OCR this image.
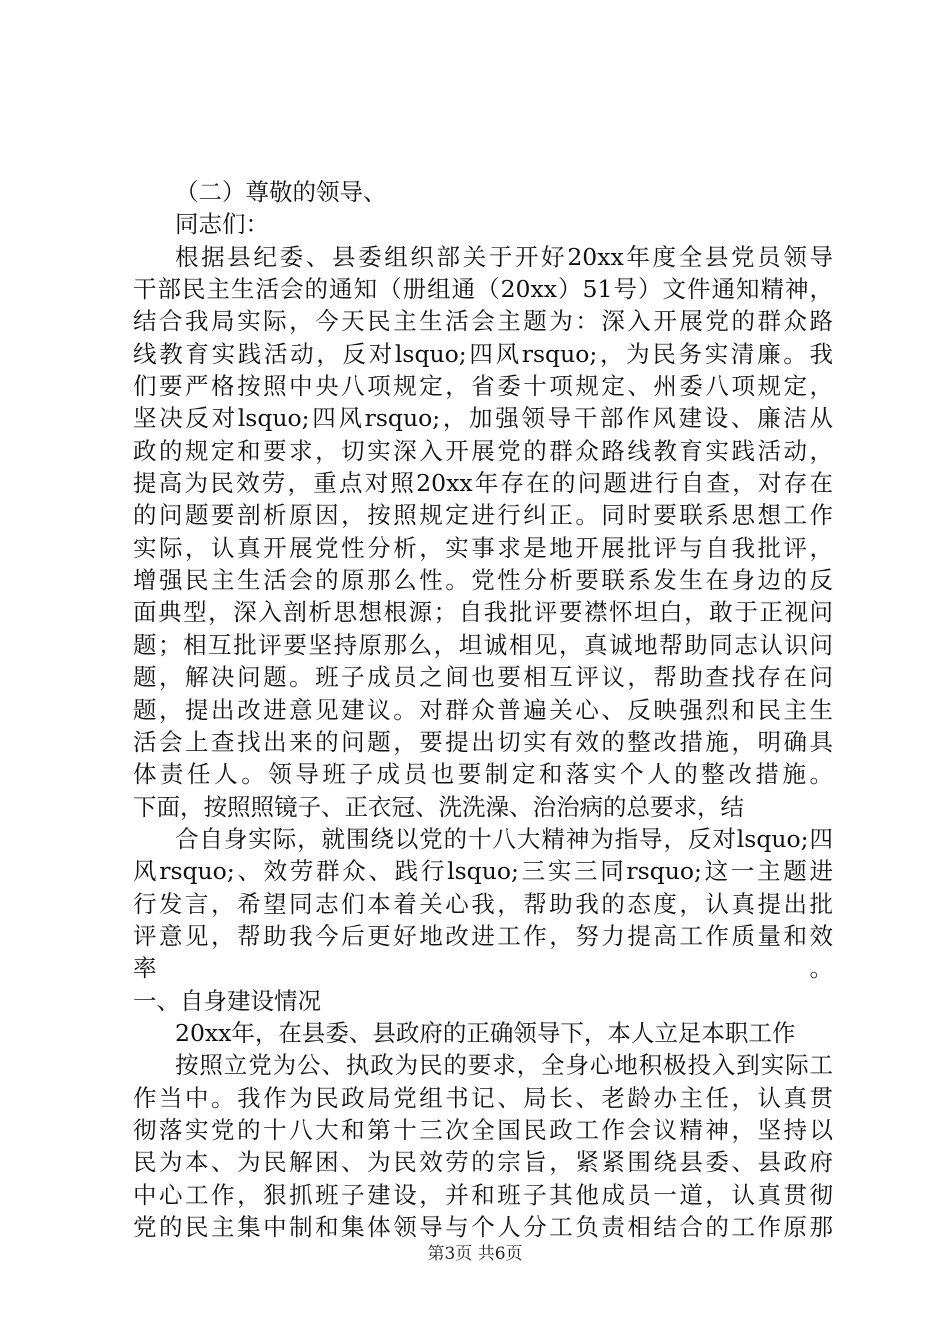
（二）尊敬的领导、
同志们：
根据县纪委、县委组织部关于开好20xx年度全县党员领导
干部民主生活会的通知（册组通（20xx）51号）文件通知精神，
结合我局实际，今天民主生活会主题为：深入开展党的群众路
线教育实践活动，反对lsquo;四风rsquo;，为民务实清廉。我
们要严格按照中央八项规定，省委十项规定、州委八项规定，
坚决反对lsquo;四风rsquo;，加强领导干部作风建设、廉洁从
政的规定和要求，切实深入开展党的群众路线教育实践活动，
提高为民效劳，重点对照20xx年存在的问题进行自查，对存在
的问题要剖析原因，按照规定进行纠正。同时要联系思想工作
实际，认真开展党性分析，实事求是地开展批评与自我批评，
增强民主生活会的原那么性。党性分析要联系发生在身边的反
面典型，深入剖析思想根源；自我批评要襟怀坦白，敢于正视问
题；相互批评要坚持原那么，坦诚相见，真诚地帮助同志认识问
题，解决问题。班子成员之间也要相互评议，帮助查找存在问
题，提出改进意见建议。对群众普遍关心、反映强烈和民主生
活会上查找出来的问题，要提出切实有效的整改措施，明确具
体责任人。领导班子成员也要制定和落实个人的整改措施。
下面，按照照镜子、正衣冠、洗洗澡、治治病的总要求，结
合自身实际，就围绕以党的十八大精神为指导，反对lsquo;四
风rsquo;、效劳群众、践行lsquo;三实三同rsquo;这一主题进
行发言，希望同志们本着关心我，帮助我的态度，认真提出批
评意见，帮助我今后更好地改进工作，努力提高工作质量和效
率。
一、自身建设情况
20xx年，在县委、县政府的正确领导下，本人立足本职工作
按照立党为公、执政为民的要求，全身心地积极投入到实际工
作当中。我作为民政局党组书记、局长、老龄办主任，认真贯
彻落实党的十八大和第十三次全国民政工作会议精神，坚持以
民为本、为民解困、为民效劳的宗旨，紧紧围绕县委、县政府
中心工作，狠抓班子建设，并和班子其他成员一道，认真贯彻
党的民主集中制和集体领导与个人分工负责相结合的工作原那
第3页 共6页
